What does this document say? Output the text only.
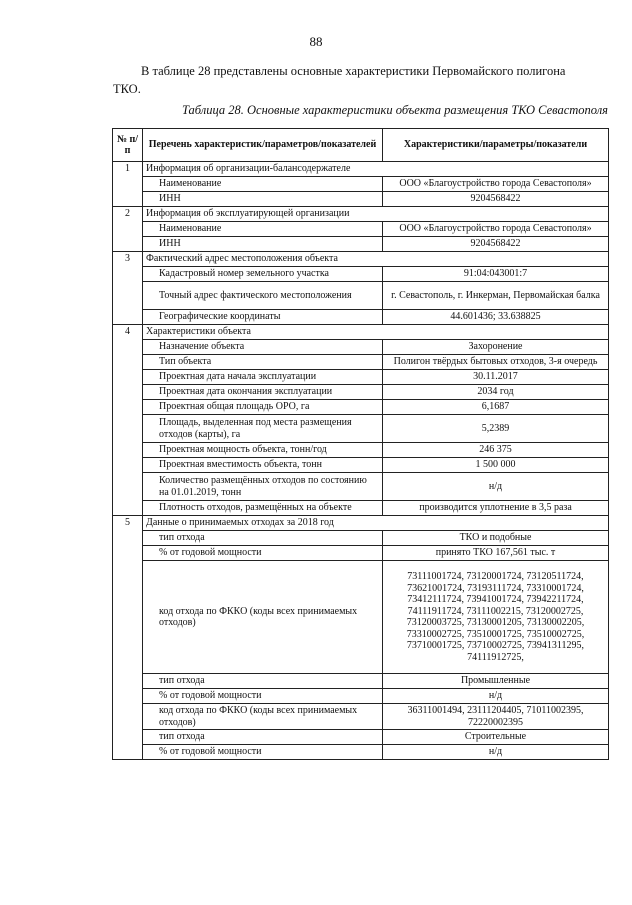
88
В таблице 28 представлены основные характеристики Первомайского полигона
ТКО.
Таблица 28. Основные характеристики объекта размещения ТКО Севастополя
№ п/п	Перечень характеристик/параметров/показателей	Характеристики/параметры/показатели
1	Информация об организации-балансодержателе	
	Наименование	ООО «Благоустройство города Севастополя»
	ИНН	9204568422
2	Информация об эксплуатирующей организации	
	Наименование	ООО «Благоустройство города Севастополя»
	ИНН	9204568422
3	Фактический адрес местоположения объекта	
	Кадастровый номер земельного участка	91:04:043001:7
	Точный адрес фактического местоположения	г. Севастополь, г. Инкерман, Первомайская балка
	Географические координаты	44.601436; 33.638825
4	Характеристики объекта	
	Назначение объекта	Захоронение
	Тип объекта	Полигон твёрдых бытовых отходов, 3-я очередь
	Проектная дата начала эксплуатации	30.11.2017
	Проектная дата окончания эксплуатации	2034 год
	Проектная общая площадь ОРО, га	6,1687
	Площадь, выделенная под места размещения отходов (карты), га	5,2389
	Проектная мощность объекта, тонн/год	246 375
	Проектная вместимость объекта, тонн	1 500 000
	Количество размещённых отходов по состоянию на 01.01.2019, тонн	н/д
	Плотность отходов, размещённых на объекте	производится уплотнение в 3,5 раза
5	Данные о принимаемых отходах за 2018 год	
	тип отхода	ТКО и подобные
	% от годовой мощности	принято ТКО 167,561 тыс. т
	код отхода по ФККО (коды всех принимаемых отходов)	73111001724, 73120001724, 73120511724, 73621001724, 73193111724, 73310001724, 73412111724, 73941001724, 73942211724, 74111911724, 73111002215, 73120002725, 73120003725, 73130001205, 73130002205, 73310002725, 73510001725, 73510002725, 73710001725, 73710002725, 73941311295, 74111912725,
	тип отхода	Промышленные
	% от годовой мощности	н/д
	код отхода по ФККО (коды всех принимаемых отходов)	36311001494, 23111204405, 71011002395, 72220002395
	тип отхода	Строительные
	% от годовой мощности	н/д
